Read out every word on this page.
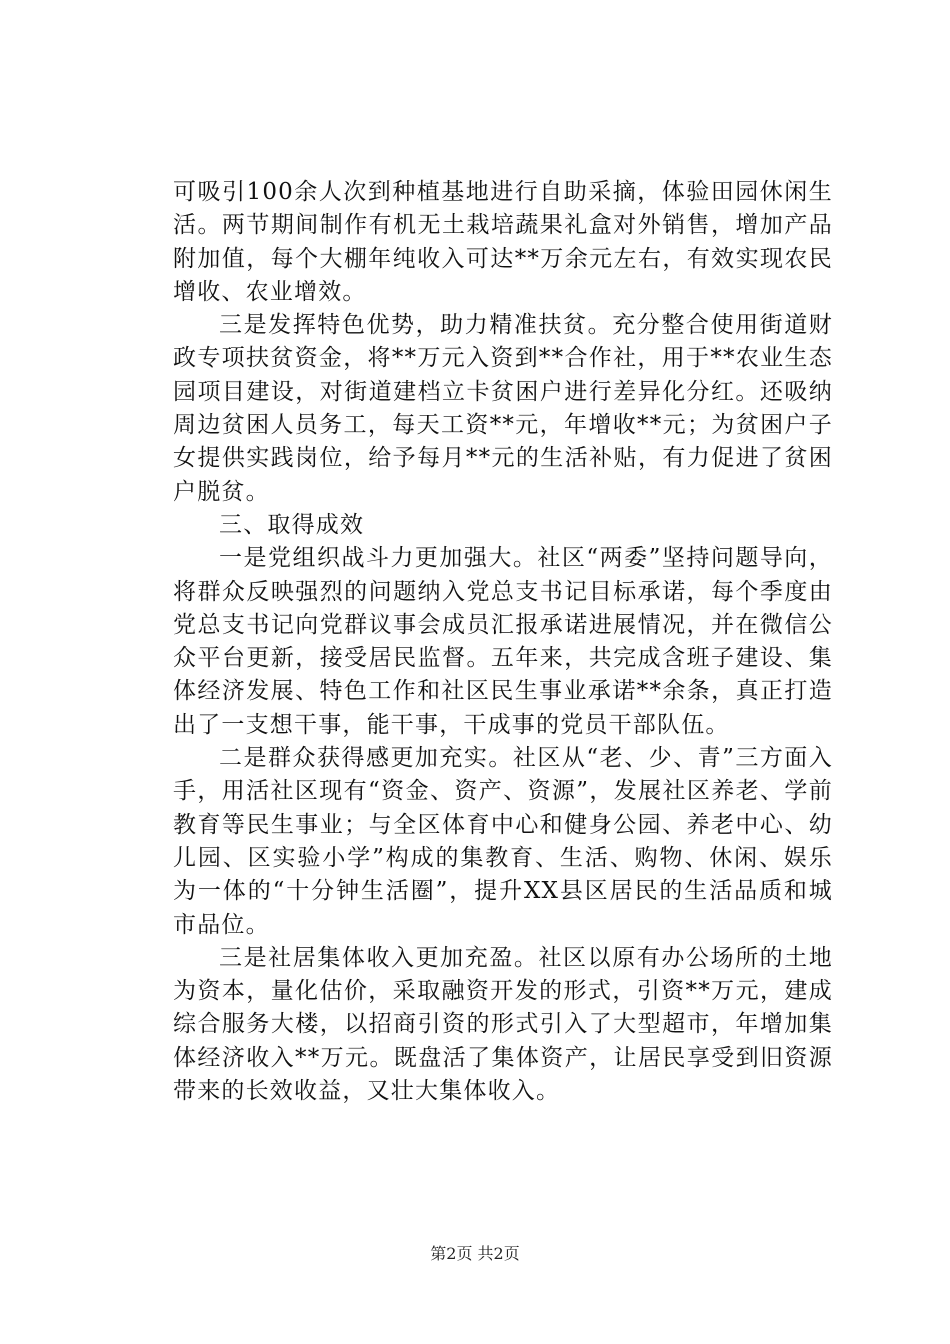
可吸引100余人次到种植基地进行自助采摘，体验田园休闲生活。两节期间制作有机无土栽培蔬果礼盒对外销售，增加产品附加值，每个大棚年纯收入可达**万余元左右，有效实现农民增收、农业增效。

三是发挥特色优势，助力精准扶贫。充分整合使用街道财政专项扶贫资金，将**万元入资到**合作社，用于**农业生态园项目建设，对街道建档立卡贫困户进行差异化分红。还吸纳周边贫困人员务工，每天工资**元，年增收**元；为贫困户子女提供实践岗位，给予每月**元的生活补贴，有力促进了贫困户脱贫。

三、取得成效

一是党组织战斗力更加强大。社区“两委”坚持问题导向，将群众反映强烈的问题纳入党总支书记目标承诺，每个季度由党总支书记向党群议事会成员汇报承诺进展情况，并在微信公众平台更新，接受居民监督。五年来，共完成含班子建设、集体经济发展、特色工作和社区民生事业承诺**余条，真正打造出了一支想干事，能干事，干成事的党员干部队伍。

二是群众获得感更加充实。社区从“老、少、青”三方面入手，用活社区现有“资金、资产、资源”，发展社区养老、学前教育等民生事业；与全区体育中心和健身公园、养老中心、幼儿园、区实验小学”构成的集教育、生活、购物、休闲、娱乐为一体的“十分钟生活圈”，提升XX县区居民的生活品质和城市品位。

三是社居集体收入更加充盈。社区以原有办公场所的土地为资本，量化估价，采取融资开发的形式，引资**万元，建成综合服务大楼，以招商引资的形式引入了大型超市，年增加集体经济收入**万元。既盘活了集体资产，让居民享受到旧资源带来的长效收益，又壮大集体收入。

第2页 共2页
